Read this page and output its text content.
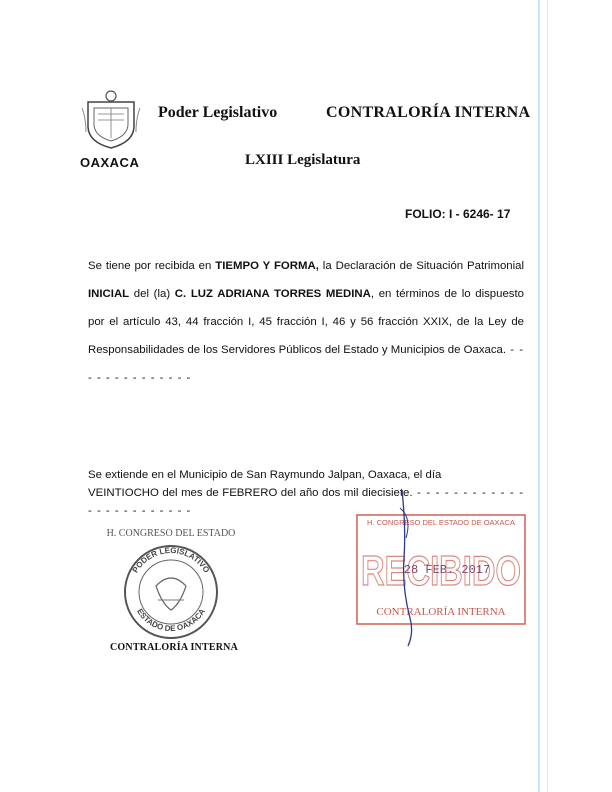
OAXACA
Poder Legislativo	CONTRALORÍA INTERNA
LXIII Legislatura
FOLIO: I - 6246- 17
Se tiene por recibida en TIEMPO Y FORMA, la Declaración de Situación Patrimonial INICIAL del (la) C. LUZ ADRIANA TORRES MEDINA, en términos de lo dispuesto por el artículo 43, 44 fracción I, 45 fracción I, 46 y 56 fracción XXIX, de la Ley de Responsabilidades de los Servidores Públicos del Estado y Municipios de Oaxaca. - -- - - - - - - - - - - -
Se extiende en el Municipio de San Raymundo Jalpan, Oaxaca, el día
VEINTIOCHO del mes de FEBRERO del año dos mil diecisiete. - - - - - - - - - - - - - - - - - - - - - - - -
H. CONGRESO DEL ESTADO
PODER LEGISLATIVO
ESTADO DE OAXACA
CONTRALORÍA INTERNA
H. CONGRESO DEL ESTADO DE OAXACA
RECIBIDO
28 FEB. 2017
CONTRALORÍA INTERNA
